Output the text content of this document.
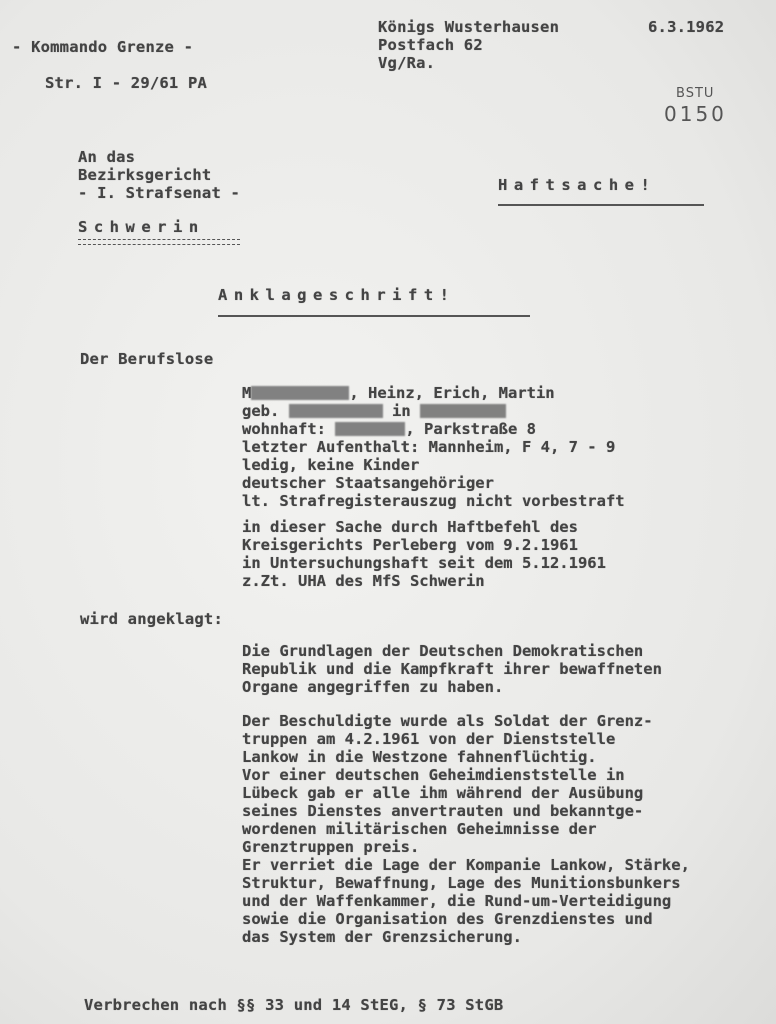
- Kommando Grenze -
Str. I - 29/61 PA
Königs Wusterhausen
Postfach 62
Vg/Ra.
6.3.1962
BSTU
0150
An das
Bezirksgericht
- I. Strafsenat -
Schwerin
Haftsache!
Anklageschrift!
Der Berufslose
M	, Heinz, Erich, Martin
geb.	in
wohnhaft:	, Parkstraße 8
letzter Aufenthalt: Mannheim, F 4, 7 - 9
ledig, keine Kinder
deutscher Staatsangehöriger
lt. Strafregisterauszug nicht vorbestraft
in dieser Sache durch Haftbefehl des
Kreisgerichts Perleberg vom 9.2.1961
in Untersuchungshaft seit dem 5.12.1961
z.Zt. UHA des MfS Schwerin
wird angeklagt:
Die Grundlagen der Deutschen Demokratischen
Republik und die Kampfkraft ihrer bewaffneten
Organe angegriffen zu haben.
Der Beschuldigte wurde als Soldat der Grenz-
truppen am 4.2.1961 von der Dienststelle
Lankow in die Westzone fahnenflüchtig.
Vor einer deutschen Geheimdienststelle in
Lübeck gab er alle ihm während der Ausübung
seines Dienstes anvertrauten und bekanntge-
wordenen militärischen Geheimnisse der
Grenztruppen preis.
Er verriet die Lage der Kompanie Lankow, Stärke,
Struktur, Bewaffnung, Lage des Munitionsbunkers
und der Waffenkammer, die Rund-um-Verteidigung
sowie die Organisation des Grenzdienstes und
das System der Grenzsicherung.
Verbrechen nach §§ 33 und 14 StEG, § 73 StGB
